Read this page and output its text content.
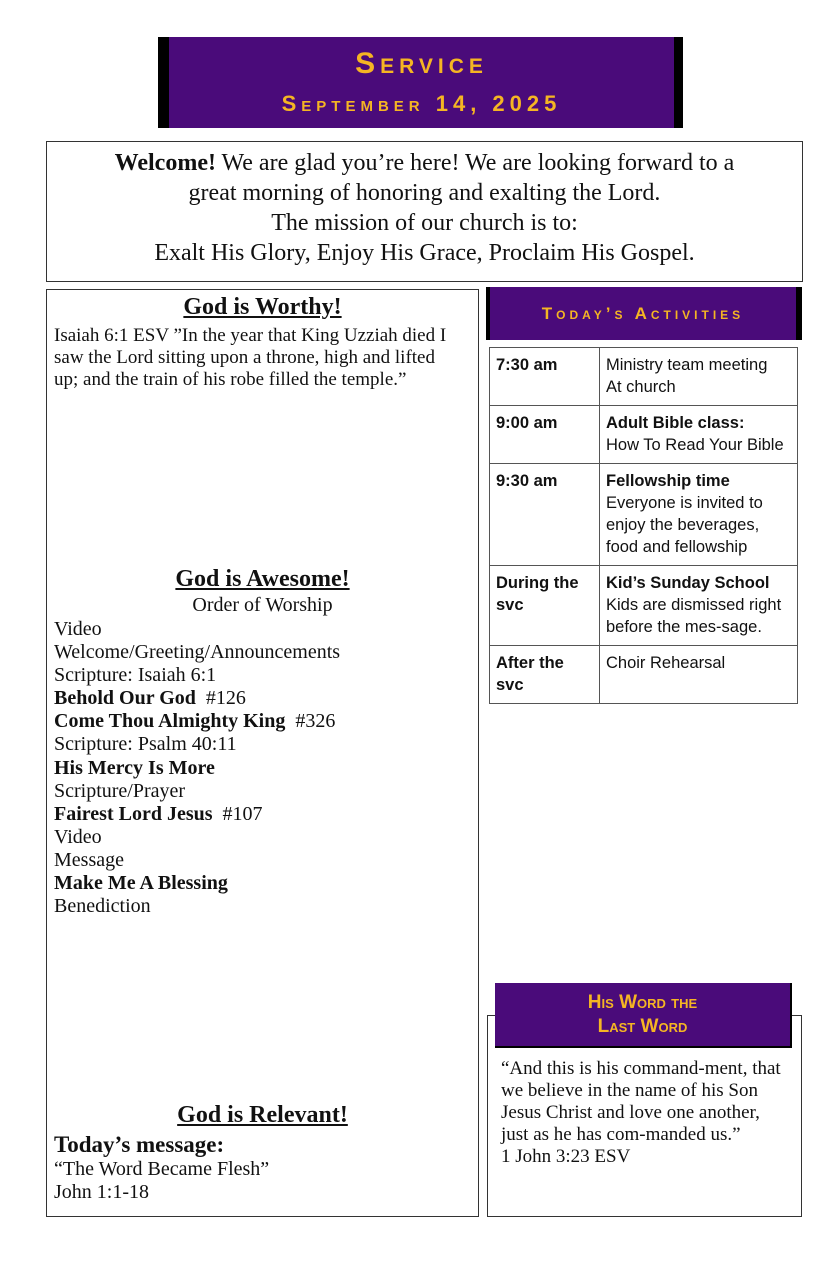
Service
September 14, 2025
Welcome! We are glad you’re here! We are looking forward to a
great morning of honoring and exalting the Lord.
The mission of our church is to:
Exalt His Glory, Enjoy His Grace, Proclaim His Gospel.
God is Worthy!
Isaiah 6:1 ESV ”In the year that King Uzziah died I saw the Lord sitting upon a throne, high and lifted up; and the train of his robe filled the temple.”
God is Awesome!
Order of Worship
Video
Welcome/Greeting/Announcements
Scripture: Isaiah 6:1
Behold Our God  #126
Come Thou Almighty King  #326
Scripture: Psalm 40:11
His Mercy Is More
Scripture/Prayer
Fairest Lord Jesus  #107
Video
Message
Make Me A Blessing
Benediction
God is Relevant!
Today’s message:
“The Word Became Flesh”
John 1:1-18
Today’s Activities
7:30 am	Ministry team meeting
At church

9:00 am	Adult Bible class:
How To Read Your Bible

9:30 am	Fellowship time
Everyone is invited to enjoy the beverages, food and fellowship

During the svc	Kid’s Sunday School
Kids are dismissed right before the mes-sage.

After the svc	Choir Rehearsal
His Word the
Last Word
“And this is his command-ment, that we believe in the name of his Son Jesus Christ and love one another, just as he has com-manded us.”
1 John 3:23 ESV
